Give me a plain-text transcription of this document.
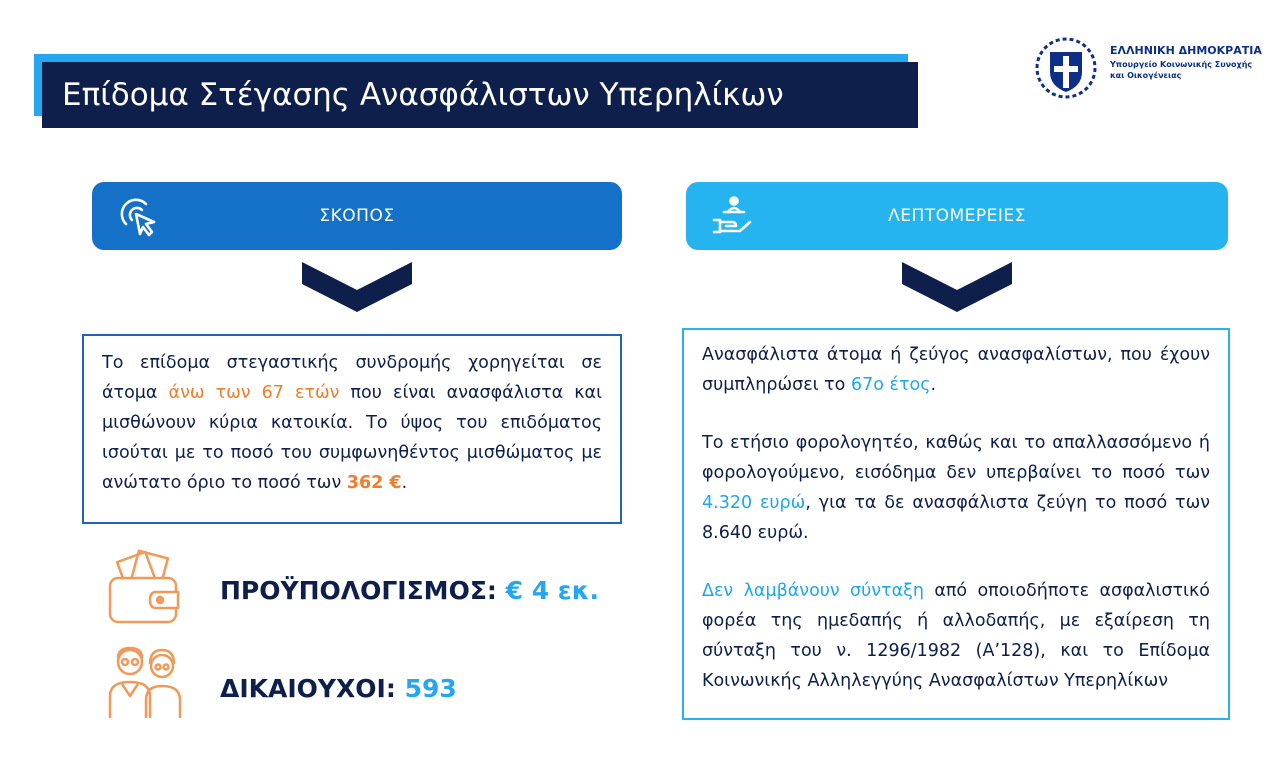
Επίδομα Στέγασης Ανασφάλιστων Υπερηλίκων
ΕΛΛΗΝΙΚΗ ΔΗΜΟΚΡΑΤΙΑ
Υπουργείο Κοινωνικής Συνοχής
και Οικογένειας
ΣΚΟΠΟΣ	ΛΕΠΤΟΜΕΡΕΙΕΣ

Το επίδομα στεγαστικής συνδρομής χορηγείται σε άτομα άνω των 67 ετών που είναι ανασφάλιστα και μισθώνουν κύρια κατοικία. Το ύψος του επιδόματος ισούται με το ποσό του συμφωνηθέντος μισθώματος με ανώτατο όριο το ποσό των 362 €.

Ανασφάλιστα άτομα ή ζεύγος ανασφαλίστων, που έχουν συμπληρώσει το 67ο έτος.

Το ετήσιο φορολογητέο, καθώς και το απαλλασσόμενο ή φορολογούμενο, εισόδημα δεν υπερβαίνει το ποσό των 4.320 ευρώ, για τα δε ανασφάλιστα ζεύγη το ποσό των 8.640 ευρώ.

Δεν λαμβάνουν σύνταξη από οποιοδήποτε ασφαλιστικό φορέα της ημεδαπής ή αλλοδαπής, με εξαίρεση τη σύνταξη του ν. 1296/1982 (Α’128), και το Επίδομα Κοινωνικής Αλληλεγγύης Ανασφαλίστων Υπερηλίκων

ΠΡΟΫΠΟΛΟΓΙΣΜΟΣ: € 4 εκ.
ΔΙΚΑΙΟΥΧΟΙ: 593
